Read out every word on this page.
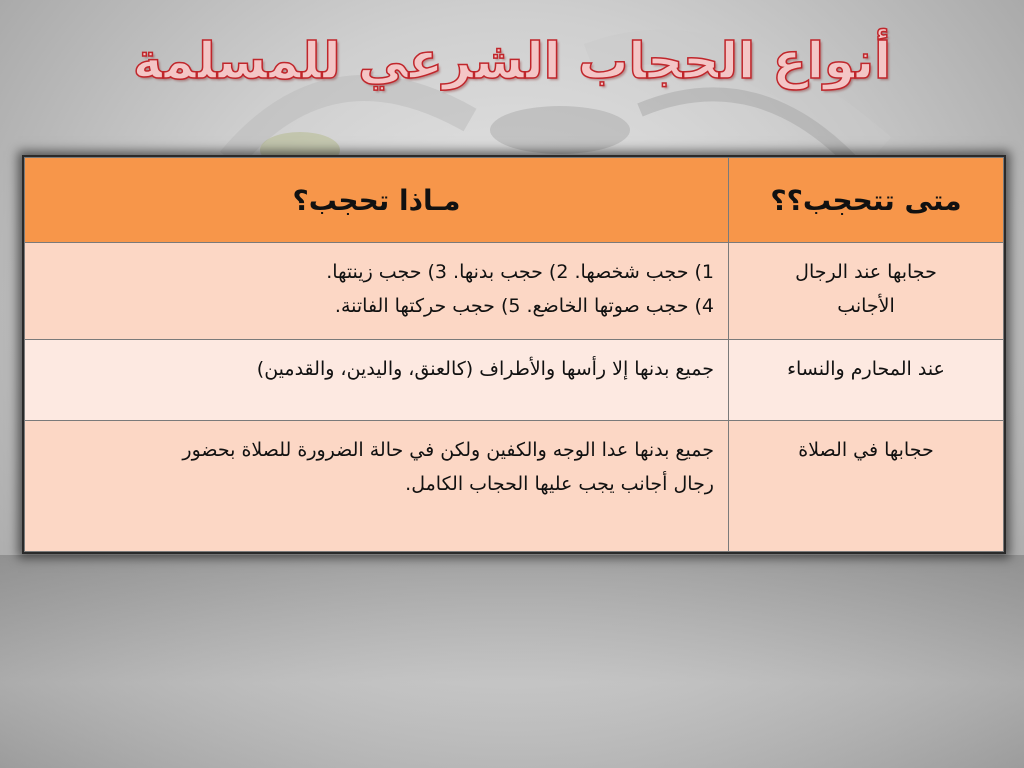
أنواع الحجاب الشرعي للمسلمة
متى تتحجب؟؟	مـاذا تحجب؟

حجابها عند الرجال
الأجانب	1) حجب شخصها. 2) حجب بدنها. 3) حجب زينتها.
4) حجب صوتها الخاضع. 5) حجب حركتها الفاتنة.

عند المحارم والنساء	جميع بدنها إلا رأسها والأطراف (كالعنق، واليدين، والقدمين)

حجابها في الصلاة	جميع بدنها عدا الوجه والكفين ولكن في حالة الضرورة للصلاة بحضور
رجال أجانب يجب عليها الحجاب الكامل.
